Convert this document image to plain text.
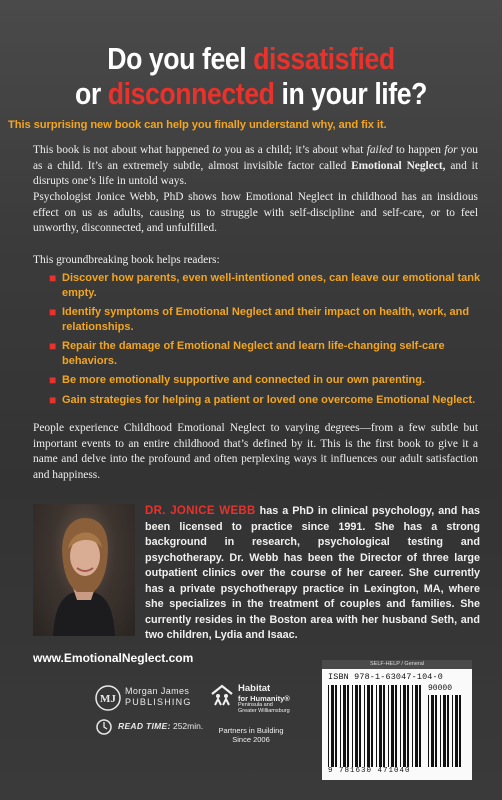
Do you feel dissatisfied
or disconnected in your life?
This surprising new book can help you finally understand why, and fix it.
This book is not about what happened to you as a child; it’s about what failed to happen for you as a child. It’s an extremely subtle, almost invisible factor called Emotional Neglect, and it disrupts one’s life in untold ways.
Psychologist Jonice Webb, PhD shows how Emotional Neglect in childhood has an insidious effect on us as adults, causing us to struggle with self-discipline and self-care, or to feel unworthy, disconnected, and unfulfilled.
This groundbreaking book helps readers:
■ Discover how parents, even well-intentioned ones, can leave our emotional tank empty.
■ Identify symptoms of Emotional Neglect and their impact on health, work, and relationships.
■ Repair the damage of Emotional Neglect and learn life-changing self-care behaviors.
■ Be more emotionally supportive and connected in our own parenting.
■ Gain strategies for helping a patient or loved one overcome Emotional Neglect.
People experience Childhood Emotional Neglect to varying degrees—from a few subtle but important events to an entire childhood that’s defined by it. This is the first book to give it a name and delve into the profound and often perplexing ways it influences our adult satisfaction and happiness.
DR. JONICE WEBB has a PhD in clinical psychology, and has been licensed to practice since 1991. She has a strong background in research, psychological testing and psychotherapy. Dr. Webb has been the Director of three large outpatient clinics over the course of her career. She currently has a private psychotherapy practice in Lexington, MA, where she specializes in the treatment of couples and families. She currently resides in the Boston area with her husband Seth, and two children, Lydia and Isaac.
www.EmotionalNeglect.com
MJ
Morgan James
PUBLISHING
READ TIME: 252min.
Habitat
for Humanity®
Peninsula and
Greater Williamsburg
Partners in Building
Since 2006
SELF-HELP / General
ISBN 978-1-63047-104-0
90000
9 781630 471040
